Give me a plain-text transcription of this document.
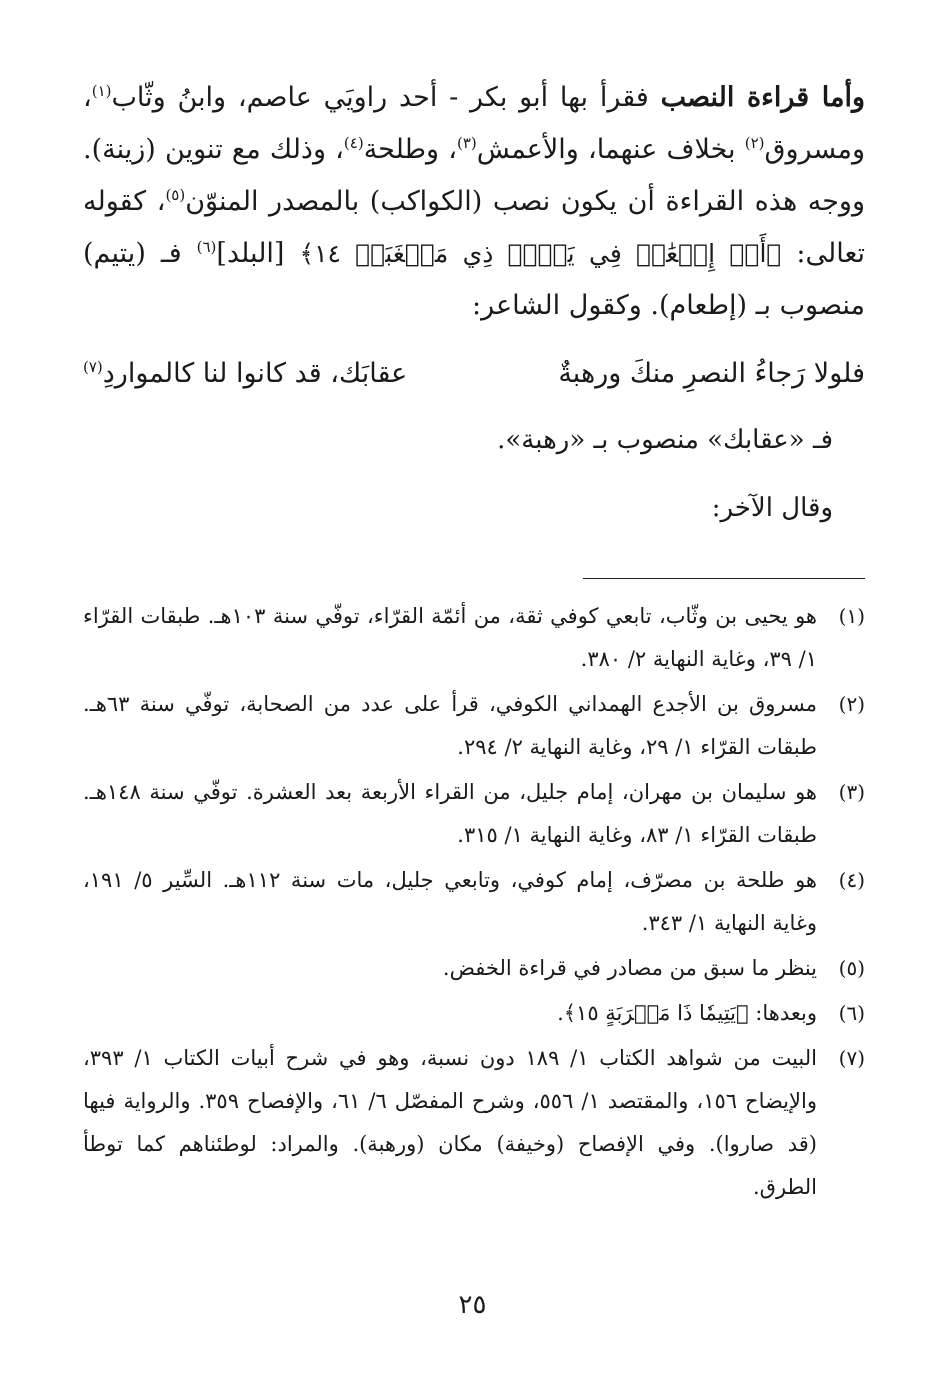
وأما قراءة النصب فقرأ بها أبو بكر - أحد راويَي عاصم، وابنُ وثّاب$^{(١)}$، ومسروق$^{(٢)}$ بخلاف عنهما، والأعمش$^{(٣)}$، وطلحة$^{(٤)}$، وذلك مع تنوين (زينة). ووجه هذه القراءة أن يكون نصب (الكواكب) بالمصدر المنوّن$^{(٥)}$، كقوله تعالى: ﴿أَوۡ إِطۡعَٰمٞ فِي يَوۡمٖ ذِي مَسۡغَبَةٖ ١٤﴾ [البلد]$^{(٦)}$ فـ (يتيم) منصوب بـ (إطعام). وكقول الشاعر:

فلولا رَجاءُ النصرِ منكَ ورهبةٌ
عقابَك، قد كانوا لنا كالمواردِ$^{(٧)}$
فـ «عقابك» منصوب بـ «رهبة».
وقال الآخر:
(١)
هو يحيى بن وثّاب، تابعي كوفي ثقة، من أئمّة القرّاء، توفّي سنة ١٠٣هـ. طبقات القرّاء ١/ ٣٩، وغاية النهاية ٢/ ٣٨٠.
(٢)
مسروق بن الأجدع الهمداني الكوفي، قرأ على عدد من الصحابة، توفّي سنة ٦٣هـ. طبقات القرّاء ١/ ٢٩، وغاية النهاية ٢/ ٢٩٤.
(٣)
هو سليمان بن مهران، إمام جليل، من القراء الأربعة بعد العشرة. توفّي سنة ١٤٨هـ. طبقات القرّاء ١/ ٨٣، وغاية النهاية ١/ ٣١٥.
(٤)
هو طلحة بن مصرّف، إمام كوفي، وتابعي جليل، مات سنة ١١٢هـ. السِّير ٥/ ١٩١، وغاية النهاية ١/ ٣٤٣.
(٥)
ينظر ما سبق من مصادر في قراءة الخفض.
(٦)
وبعدها: ﴿يَتِيمٗا ذَا مَقۡرَبَةٍ ١٥﴾.
(٧)
البيت من شواهد الكتاب ١/ ١٨٩ دون نسبة، وهو في شرح أبيات الكتاب ١/ ٣٩٣، والإيضاح ١٥٦، والمقتصد ١/ ٥٥٦، وشرح المفصّل ٦/ ٦١، والإفصاح ٣٥٩. والرواية فيها (قد صاروا). وفي الإفصاح (وخيفة) مكان (ورهبة). والمراد: لوطئناهم كما توطأ الطرق.
٢٥
